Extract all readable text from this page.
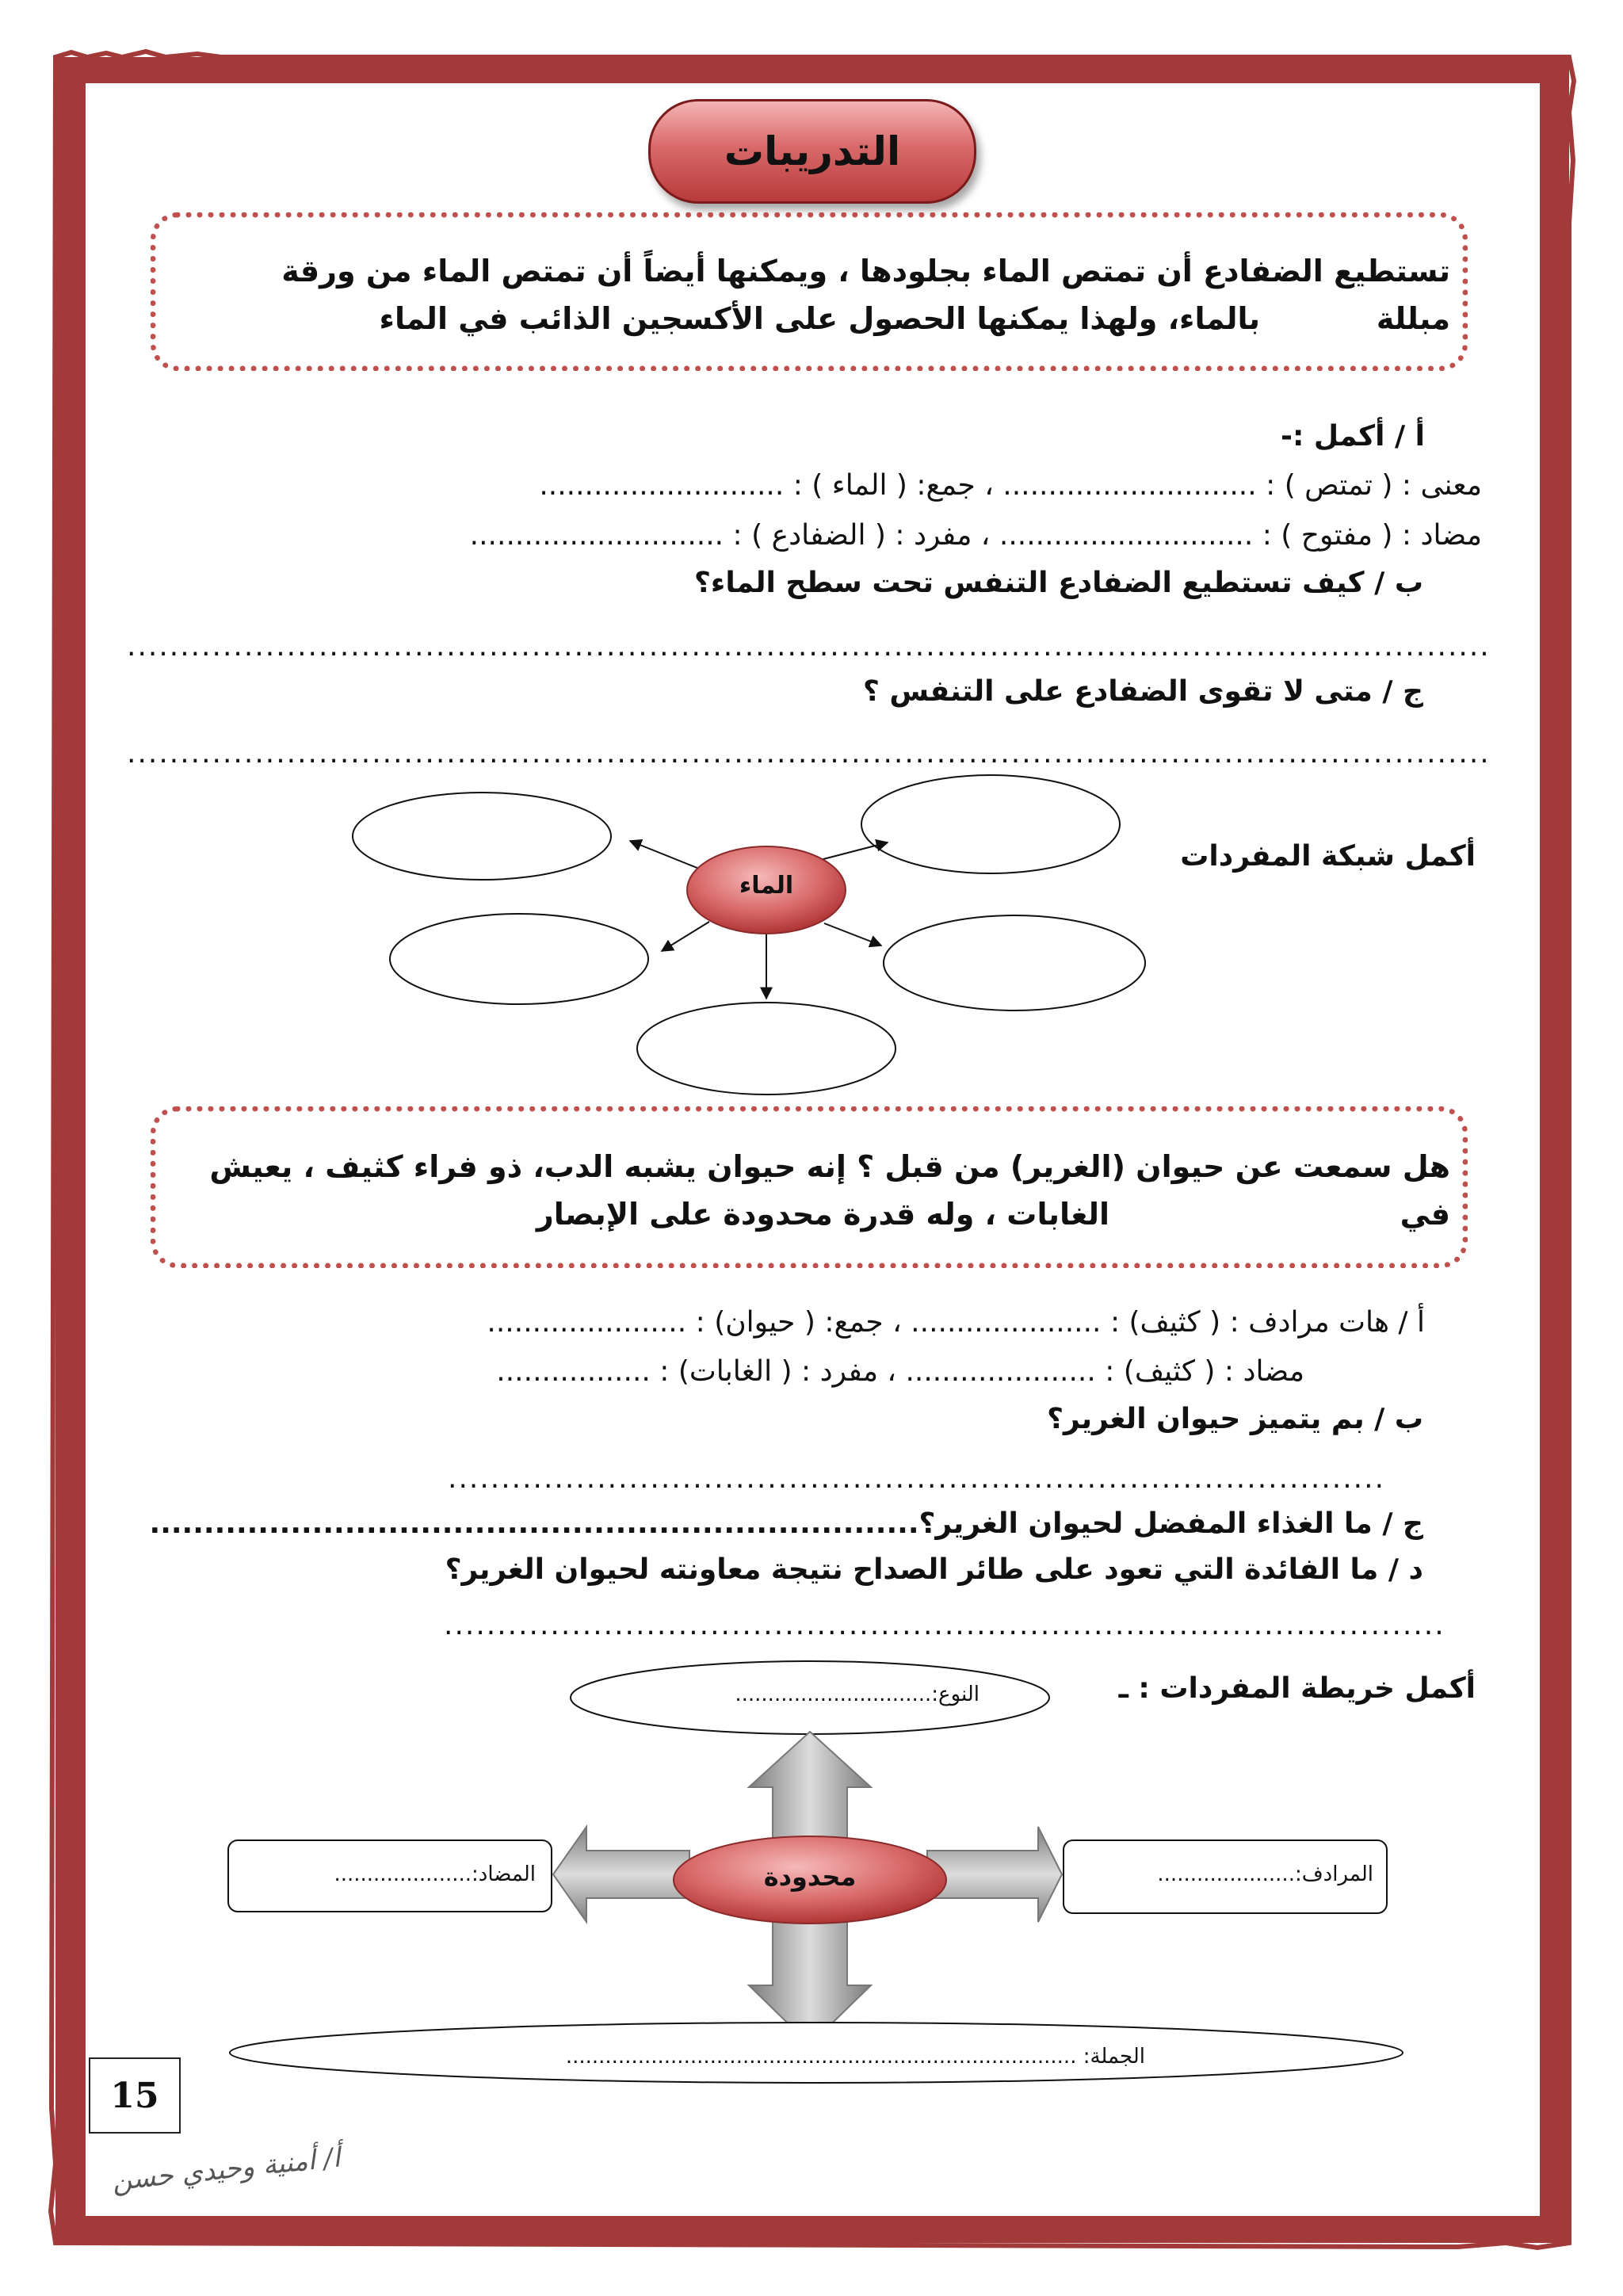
التدريبات
تستطيع الضفادع أن تمتص الماء بجلودها ، ويمكنها أيضاً أن تمتص الماء من ورقة مبللة
بالماء، ولهذا يمكنها الحصول على الأكسجين الذائب في الماء
أ / أكمل :-
معنى : ( تمتص ) : ............................ ، جمع: ( الماء ) : ...........................
مضاد : ( مفتوح ) : ............................ ، مفرد : ( الضفادع ) : ............................
ب / كيف تستطيع الضفادع التنفس تحت سطح الماء؟
................................................................................................................................
ج / متى لا تقوى الضفادع على التنفس ؟
................................................................................................................................
أكمل شبكة المفردات
الماء
هل سمعت عن حيوان (الغرير) من قبل ؟ إنه حيوان يشبه الدب، ذو فراء كثيف ، يعيش في
الغابات ، وله قدرة محدودة على الإبصار
أ / هات مرادف : ( كثيف) : ..................... ، جمع: ( حيوان) : ......................
مضاد : ( كثيف) : ..................... ، مفرد : ( الغابات) : .................
ب / بم يتميز حيوان الغرير؟
........................................................................................
ج / ما الغذاء المفضل لحيوان الغرير؟.......................................................................
د / ما الفائدة التي تعود على طائر الصداح نتيجة معاونته لحيوان الغرير؟
..............................................................................................
أكمل خريطة المفردات : ـ
النوع:..............................
محدودة
المضاد:.....................	المرادف:.....................
الجملة: ..............................................................................
15
أ/ أمنية وحيدي حسن
